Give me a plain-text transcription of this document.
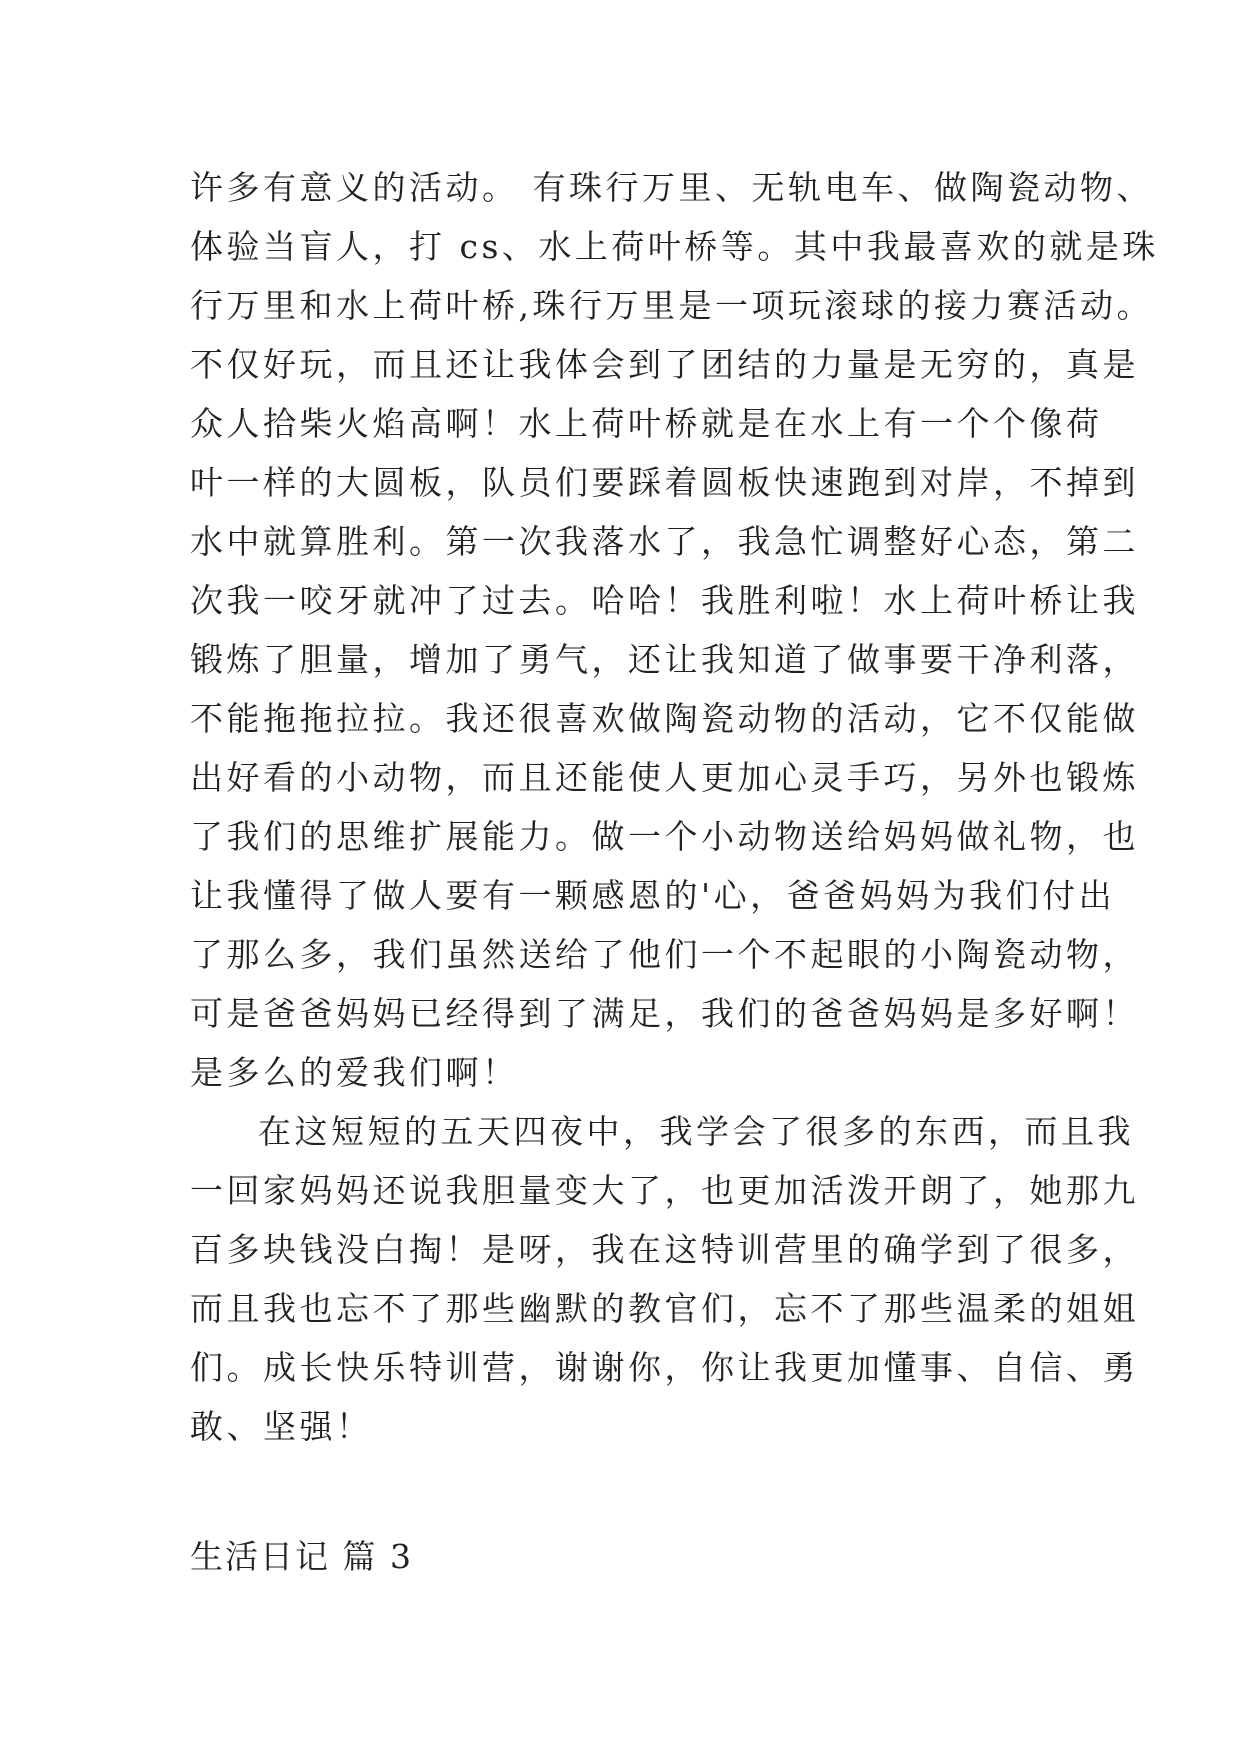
许多有意义的活动。 有珠行万里、无轨电车、做陶瓷动物、
体验当盲人，打 cs、水上荷叶桥等。其中我最喜欢的就是珠
行万里和水上荷叶桥,珠行万里是一项玩滚球的接力赛活动。
不仅好玩，而且还让我体会到了团结的力量是无穷的，真是
众人拾柴火焰高啊！水上荷叶桥就是在水上有一个个像荷
叶一样的大圆板，队员们要踩着圆板快速跑到对岸，不掉到
水中就算胜利。第一次我落水了，我急忙调整好心态，第二
次我一咬牙就冲了过去。哈哈！我胜利啦！水上荷叶桥让我
锻炼了胆量，增加了勇气，还让我知道了做事要干净利落，
不能拖拖拉拉。我还很喜欢做陶瓷动物的活动，它不仅能做
出好看的小动物，而且还能使人更加心灵手巧，另外也锻炼
了我们的思维扩展能力。做一个小动物送给妈妈做礼物，也
让我懂得了做人要有一颗感恩的'心，爸爸妈妈为我们付出
了那么多，我们虽然送给了他们一个不起眼的小陶瓷动物，
可是爸爸妈妈已经得到了满足，我们的爸爸妈妈是多好啊！
是多么的爱我们啊！
在这短短的五天四夜中，我学会了很多的东西，而且我
一回家妈妈还说我胆量变大了，也更加活泼开朗了，她那九
百多块钱没白掏！是呀，我在这特训营里的确学到了很多，
而且我也忘不了那些幽默的教官们，忘不了那些温柔的姐姐
们。成长快乐特训营，谢谢你，你让我更加懂事、自信、勇
敢、坚强！
生活日记 篇 3
